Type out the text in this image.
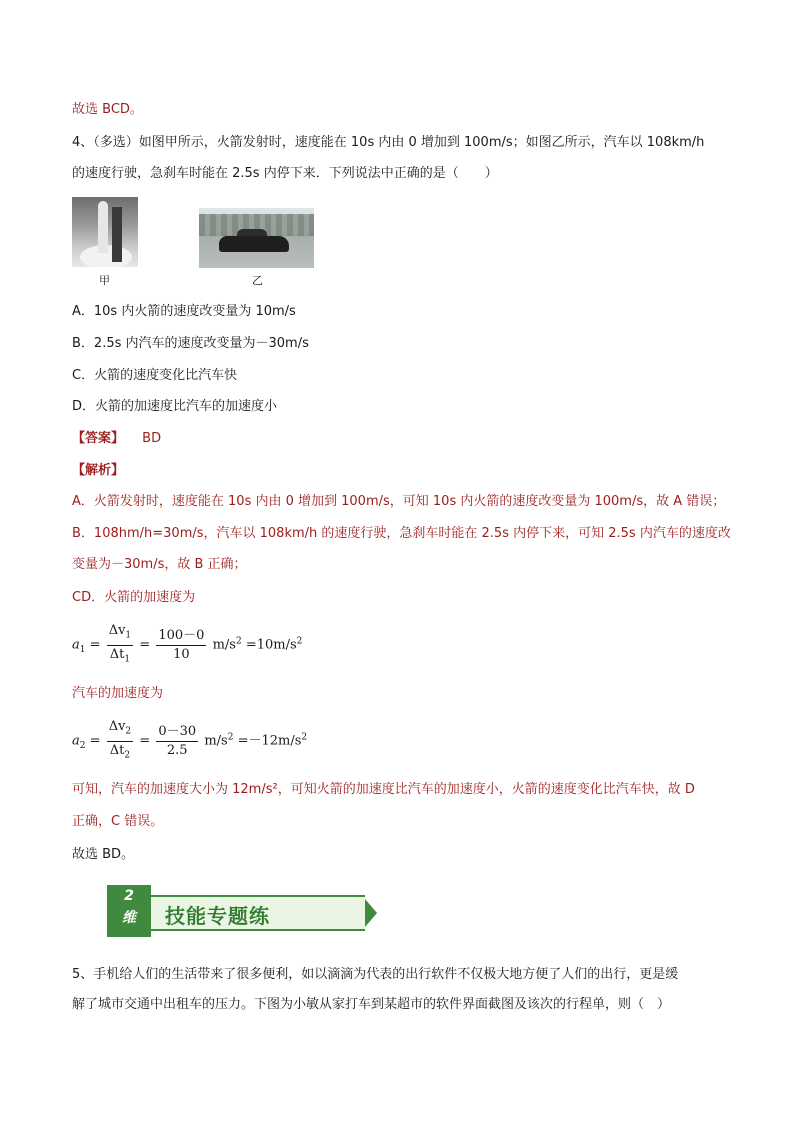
故选 BCD。
4、（多选）如图甲所示，火箭发射时，速度能在 10s 内由 0 增加到 100m/s；如图乙所示，汽车以 108km/h
的速度行驶，急刹车时能在 2.5s 内停下来．下列说法中正确的是（　　）
甲	乙
A．10s 内火箭的速度改变量为 10m/s
B．2.5s 内汽车的速度改变量为－30m/s
C．火箭的速度变化比汽车快
D．火箭的加速度比汽车的加速度小
【答案】 BD
【解析】
A．火箭发射时，速度能在 10s 内由 0 增加到 100m/s，可知 10s 内火箭的速度改变量为 100m/s，故 A 错误；
B．108hm/h=30m/s，汽车以 108km/h 的速度行驶，急刹车时能在 2.5s 内停下来，可知 2.5s 内汽车的速度改
变量为－30m/s，故 B 正确；
CD．火箭的加速度为
$a_1 = \frac{\Delta v_1}{\Delta t_1} = \frac{100-0}{10} m/s^2 =10m/s^2$
汽车的加速度为
$a_2 = \frac{\Delta v_2}{\Delta t_2} = \frac{0-30}{2.5} m/s^2 =-12m/s^2$
可知，汽车的加速度大小为 12m/s²，可知火箭的加速度比汽车的加速度小，火箭的速度变化比汽车快，故 D
正确，C 错误。
故选 BD。
5、手机给人们的生活带来了很多便利，如以滴滴为代表的出行软件不仅极大地方便了人们的出行，更是缓
解了城市交通中出租车的压力。下图为小敏从家打车到某超市的软件界面截图及该次的行程单，则（　）
2
维	技能专题练
